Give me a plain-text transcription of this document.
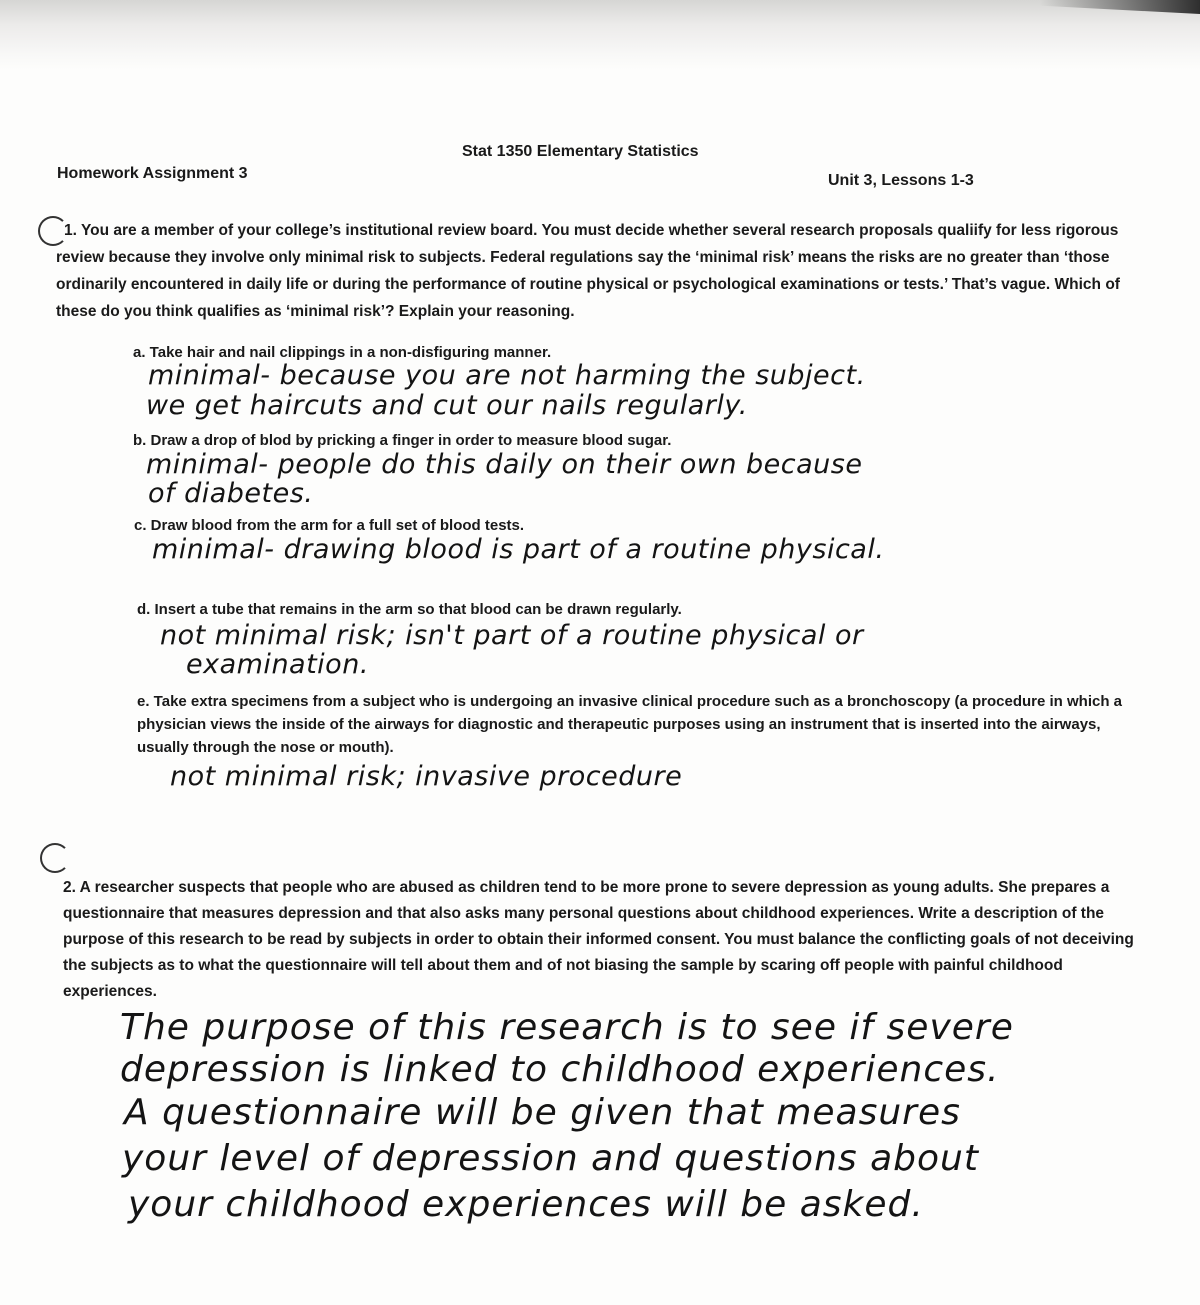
Stat 1350 Elementary Statistics
Homework Assignment 3	Unit 3, Lessons 1-3
1. You are a member of your college’s institutional review board. You must decide whether several research proposals qualiify for less rigorous review because they involve only minimal risk to subjects. Federal regulations say the ‘minimal risk’ means the risks are no greater than ‘those ordinarily encountered in daily life or during the performance of routine physical or psychological examinations or tests.’ That’s vague. Which of these do you think qualifies as ‘minimal risk’? Explain your reasoning.
a. Take hair and nail clippings in a non-disfiguring manner.
minimal- because you are not harming the subject.
we get haircuts and cut our nails regularly.
b. Draw a drop of blod by pricking a finger in order to measure blood sugar.
minimal- people do this daily on their own because
of diabetes.
c. Draw blood from the arm for a full set of blood tests.
minimal- drawing blood is part of a routine physical.
d. Insert a tube that remains in the arm so that blood can be drawn regularly.
not minimal risk; isn't part of a routine physical or
examination.
e. Take extra specimens from a subject who is undergoing an invasive clinical procedure such as a bronchoscopy (a procedure in which a physician views the inside of the airways for diagnostic and therapeutic purposes using an instrument that is inserted into the airways, usually through the nose or mouth).
not minimal risk; invasive procedure
2. A researcher suspects that people who are abused as children tend to be more prone to severe depression as young adults. She prepares a questionnaire that measures depression and that also asks many personal questions about childhood experiences. Write a description of the purpose of this research to be read by subjects in order to obtain their informed consent. You must balance the conflicting goals of not deceiving the subjects as to what the questionnaire will tell about them and of not biasing the sample by scaring off people with painful childhood experiences.
The purpose of this research is to see if severe
depression is linked to childhood experiences.
A questionnaire will be given that measures
your level of depression and questions about
your childhood experiences will be asked.
